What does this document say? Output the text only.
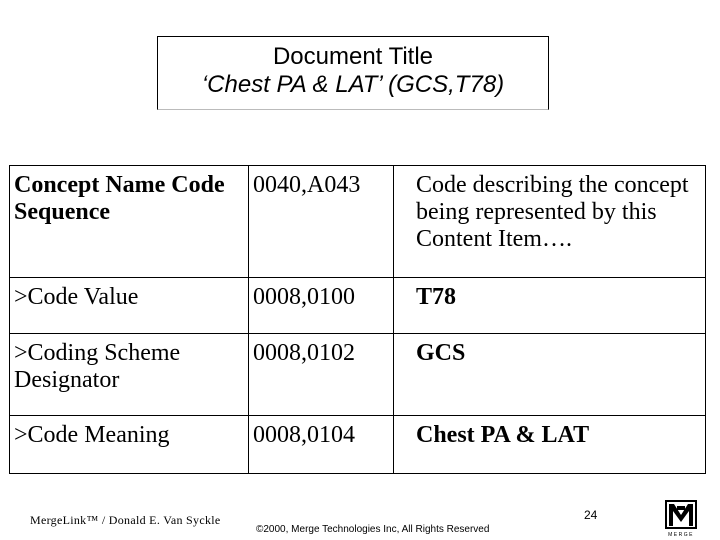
Document Title
‘Chest PA & LAT’ (GCS,T78)
Concept Name Code Sequence	0040,A043	Code describing the concept being represented by this Content Item….
>Code Value	0008,0100	T78
>Coding Scheme Designator	0008,0102	GCS
>Code Meaning	0008,0104	Chest PA & LAT
MergeLink™ / Donald E. Van Syckle
©2000, Merge Technologies Inc, All Rights Reserved
24
MERGE
